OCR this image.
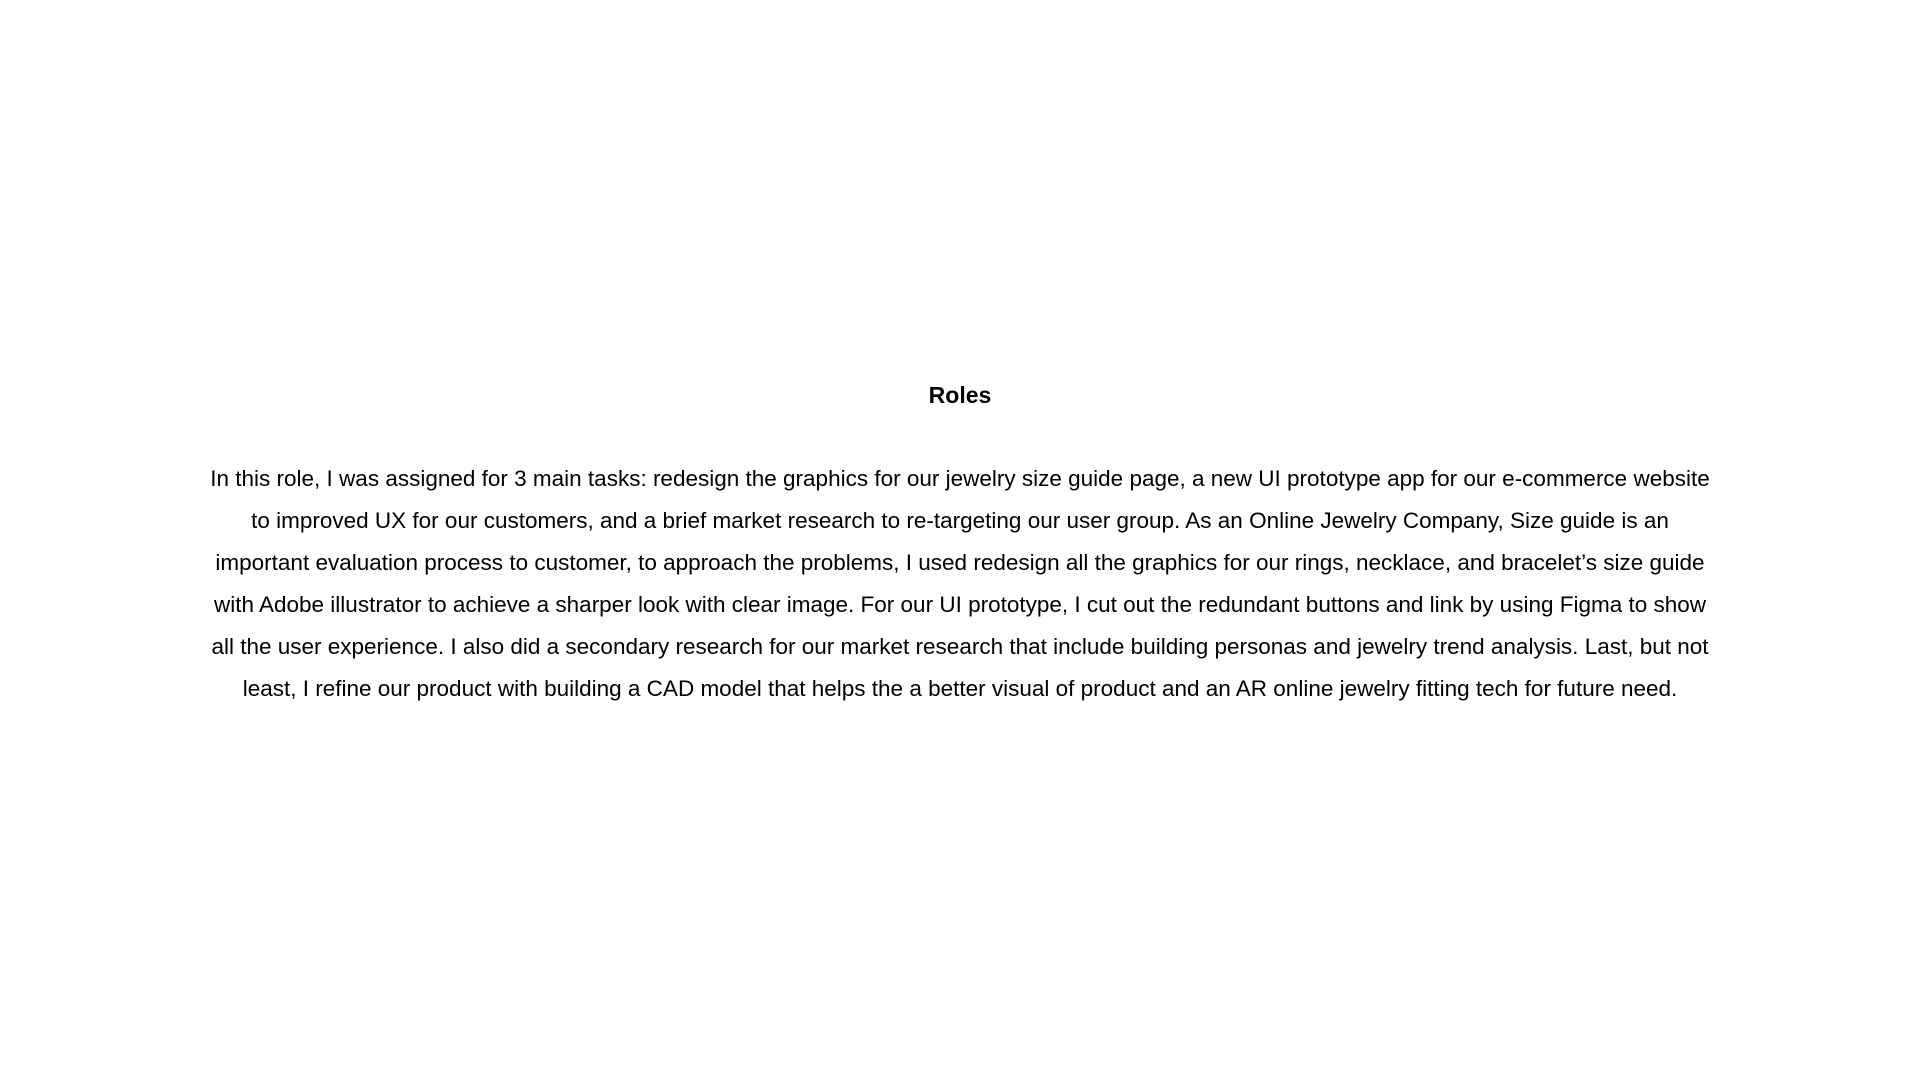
Roles

In this role, I was assigned for 3 main tasks: redesign the graphics for our jewelry size guide page, a new UI prototype app for our e-commerce website
to improved UX for our customers, and a brief market research to re-targeting our user group. As an Online Jewelry Company, Size guide is an
important evaluation process to customer, to approach the problems, I used redesign all the graphics for our rings, necklace, and bracelet’s size guide
with Adobe illustrator to achieve a sharper look with clear image. For our UI prototype, I cut out the redundant buttons and link by using Figma to show
all the user experience. I also did a secondary research for our market research that include building personas and jewelry trend analysis. Last, but not
least, I refine our product with building a CAD model that helps the a better visual of product and an AR online jewelry fitting tech for future need.
